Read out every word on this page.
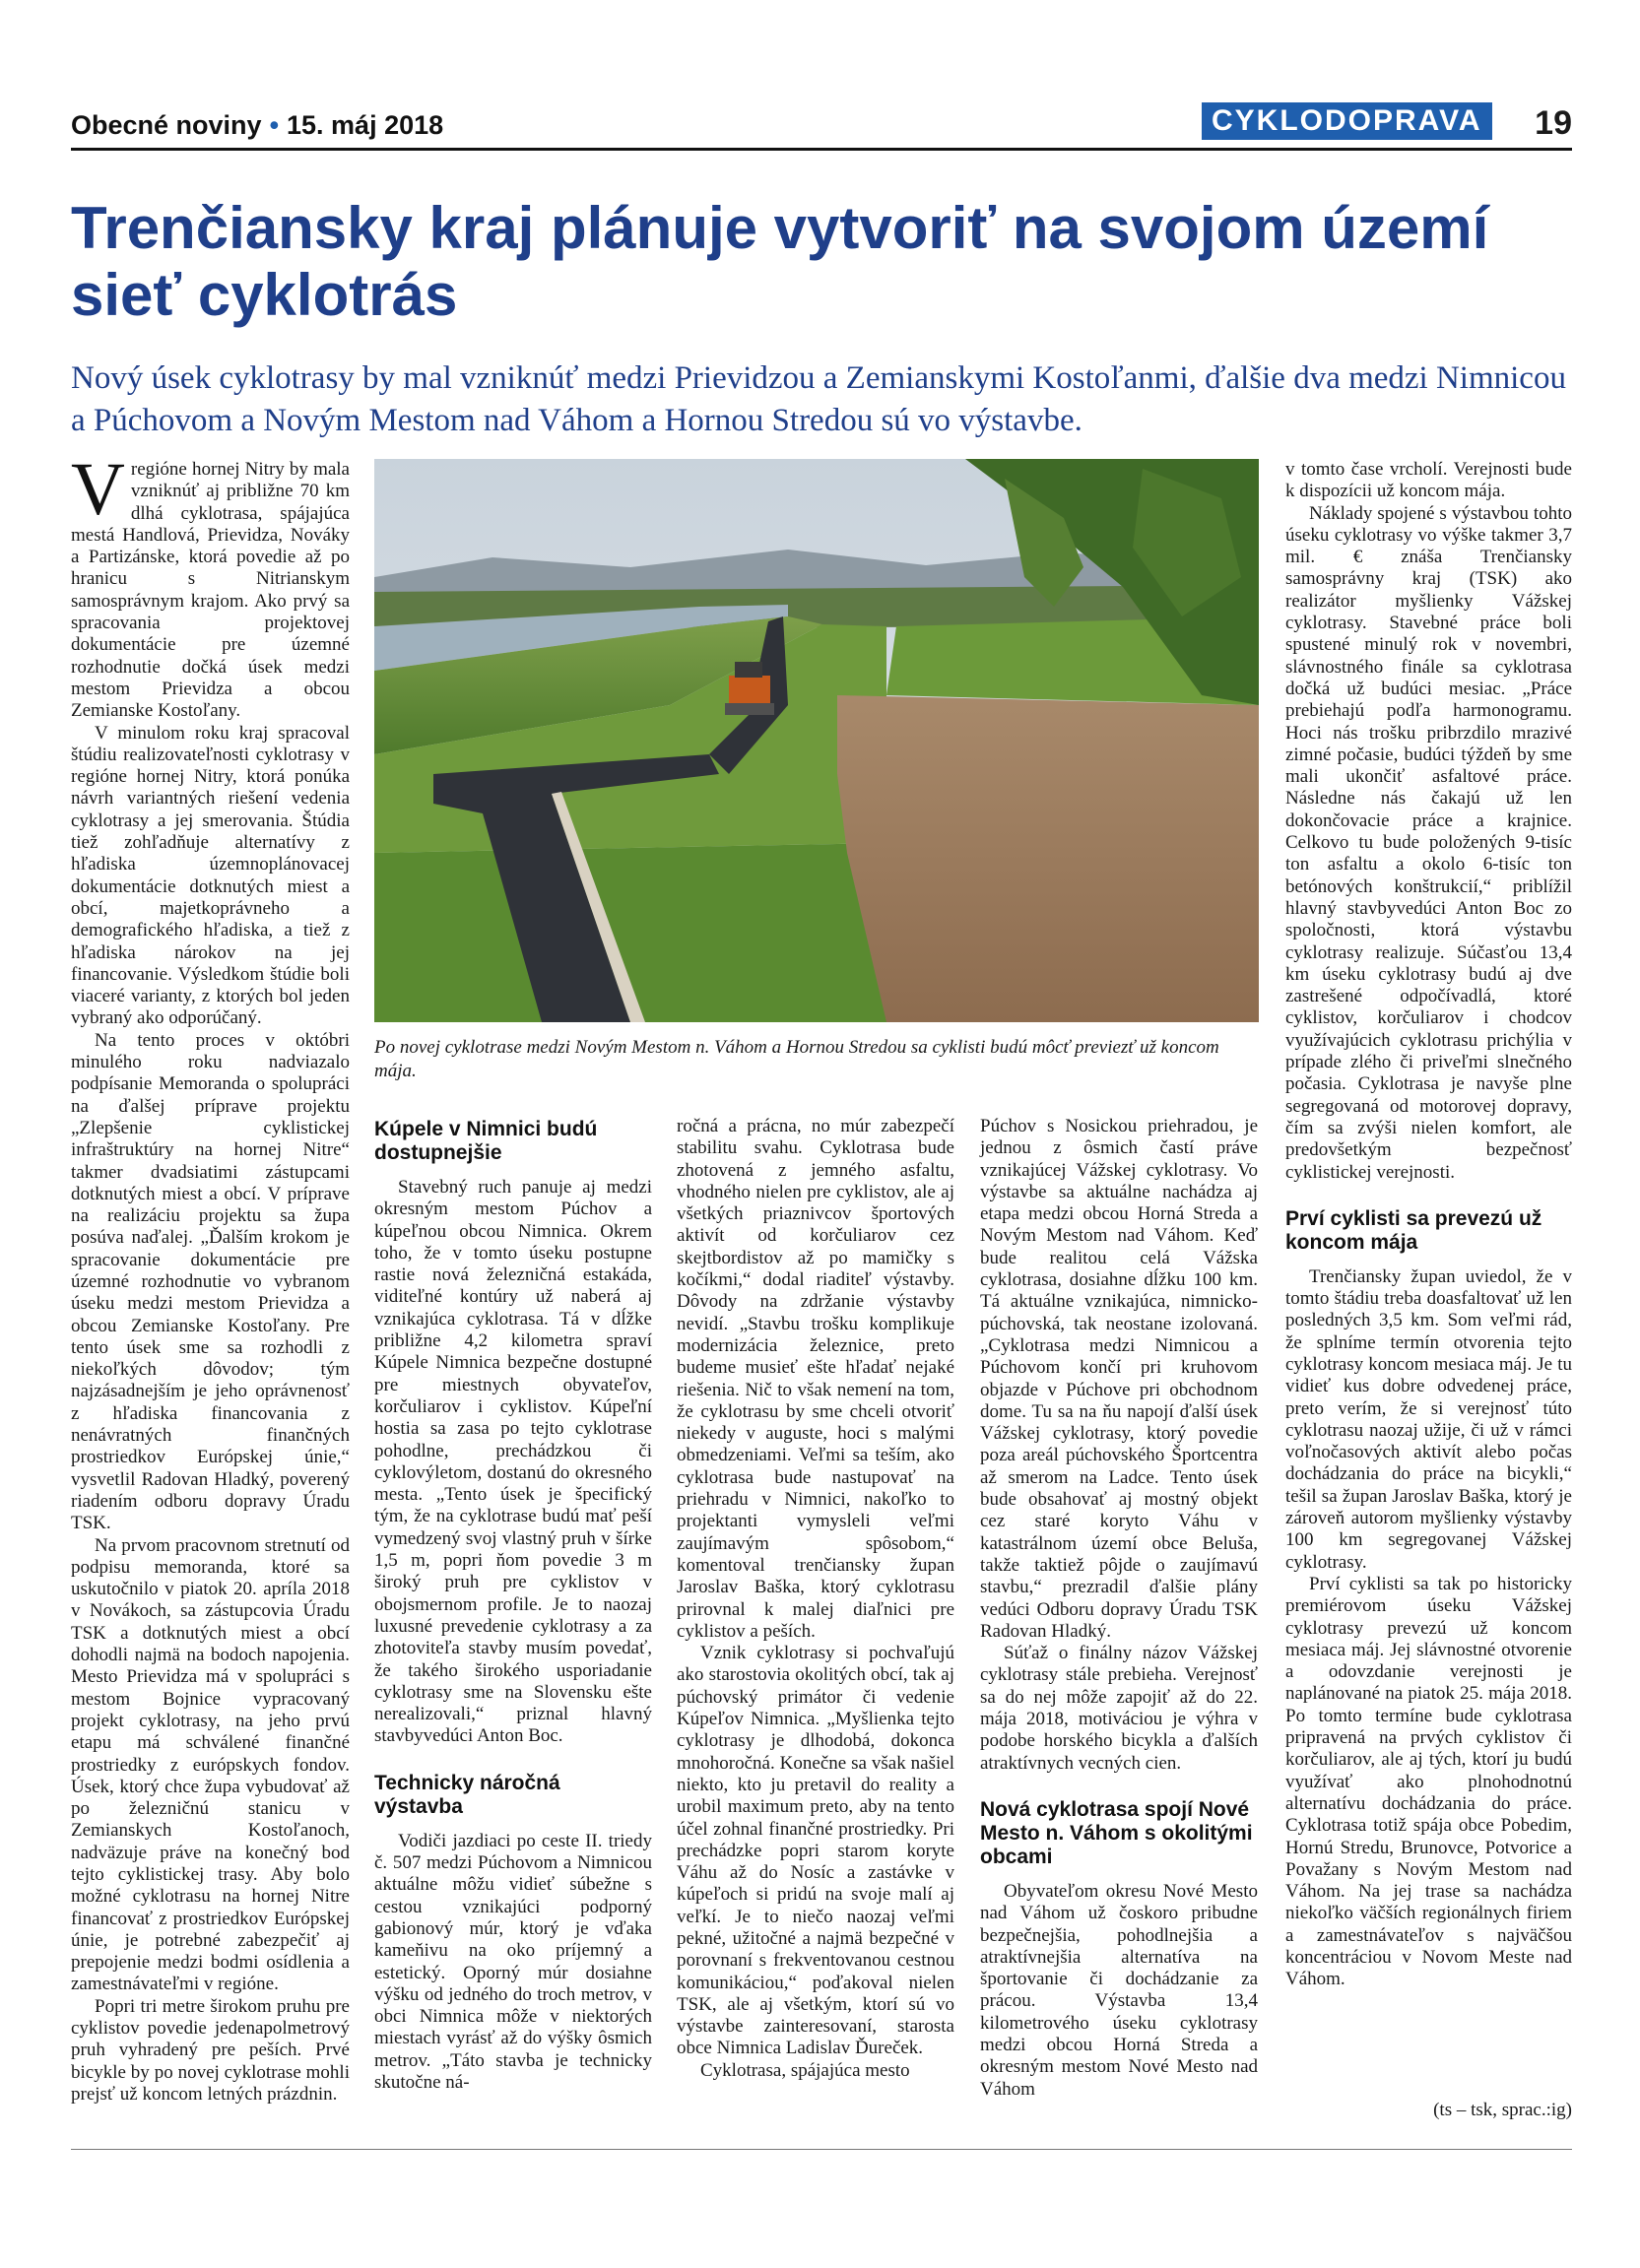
Obecné noviny • 15. máj 2018	CYKLODOPRAVA 19
Trenčiansky kraj plánuje vytvoriť na svojom území sieť cyklotrás
Nový úsek cyklotrasy by mal vzniknúť medzi Prievidzou a Zemianskymi Kostoľanmi, ďalšie dva medzi Nimnicou a Púchovom a Novým Mestom nad Váhom a Hornou Stredou sú vo výstavbe.

Vregióne hornej Nitry by mala vzniknúť aj približne 70 km dlhá cyklotrasa, spájajúca mestá Handlová, Prievidza, Nováky a Partizánske, ktorá povedie až po hranicu s Nitrianskym samosprávnym krajom. Ako prvý sa spracovania projektovej dokumentácie pre územné rozhodnutie dočká úsek medzi mestom Prievidza a obcou Zemianske Kostoľany.

V minulom roku kraj spracoval štúdiu realizovateľnosti cyklotrasy v regióne hornej Nitry, ktorá ponúka návrh variantných riešení vedenia cyklotrasy a jej smerovania. Štúdia tiež zohľadňuje alternatívy z hľadiska územnoplánovacej dokumentácie dotknutých miest a obcí, majetkoprávneho a demografického hľadiska, a tiež z hľadiska nárokov na jej financovanie. Výsledkom štúdie boli viaceré varianty, z ktorých bol jeden vybraný ako odporúčaný.

Na tento proces v októbri minulého roku nadviazalo podpísanie Memoranda o spolupráci na ďalšej príprave projektu „Zlepšenie cyklistickej infraštruktúry na hornej Nitre“ takmer dvadsiatimi zástupcami dotknutých miest a obcí. V príprave na realizáciu projektu sa župa posúva naďalej. „Ďalším krokom je spracovanie dokumentácie pre územné rozhodnutie vo vybranom úseku medzi mestom Prievidza a obcou Zemianske Kostoľany. Pre tento úsek sme sa rozhodli z niekoľkých dôvodov; tým najzásadnejším je jeho oprávnenosť z hľadiska financovania z nenávratných finančných prostriedkov Európskej únie,“ vysvetlil Radovan Hladký, poverený riadením odboru dopravy Úradu TSK.

Na prvom pracovnom stretnutí od podpisu memoranda, ktoré sa uskutočnilo v piatok 20. apríla 2018 v Novákoch, sa zástupcovia Úradu TSK a dotknutých miest a obcí dohodli najmä na bodoch napojenia. Mesto Prievidza má v spolupráci s mestom Bojnice vypracovaný projekt cyklotrasy, na jeho prvú etapu má schválené finančné prostriedky z európskych fondov. Úsek, ktorý chce župa vybudovať až po železničnú stanicu v Zemianskych Kostoľanoch, nadväzuje práve na konečný bod tejto cyklistickej trasy. Aby bolo možné cyklotrasu na hornej Nitre financovať z prostriedkov Európskej únie, je potrebné zabezpečiť aj prepojenie medzi bodmi osídlenia a zamestnávateľmi v regióne.

Popri tri metre širokom pruhu pre cyklistov povedie jedenapolmetrový pruh vyhradený pre peších. Prvé bicykle by po novej cyklotrase mohli prejsť už koncom letných prázdnin.

Po novej cyklotrase medzi Novým Mestom n. Váhom a Hornou Stredou sa cyklisti budú môcť previezť už koncom mája.
Kúpele v Nimnici budú dostupnejšie

Stavebný ruch panuje aj medzi okresným mestom Púchov a kúpeľnou obcou Nimnica. Okrem toho, že v tomto úseku postupne rastie nová železničná estakáda, viditeľné kontúry už naberá aj vznikajúca cyklotrasa. Tá v dĺžke približne 4,2 kilometra spraví Kúpele Nimnica bezpečne dostupné pre miestnych obyvateľov, korčuliarov i cyklistov. Kúpeľní hostia sa zasa po tejto cyklotrase pohodlne, prechádzkou či cyklovýletom, dostanú do okresného mesta. „Tento úsek je špecifický tým, že na cyklotrase budú mať peší vymedzený svoj vlastný pruh v šírke 1,5 m, popri ňom povedie 3 m široký pruh pre cyklistov v obojsmernom profile. Je to naozaj luxusné prevedenie cyklotrasy a za zhotoviteľa stavby musím povedať, že takého širokého usporiadanie cyklotrasy sme na Slovensku ešte nerealizovali,“ priznal hlavný stavbyvedúci Anton Boc.

Technicky náročná výstavba

Vodiči jazdiaci po ceste II. triedy č. 507 medzi Púchovom a Nimnicou aktuálne môžu vidieť súbežne s cestou vznikajúci podporný gabionový múr, ktorý je vďaka kameňivu na oko príjemný a estetický. Oporný múr dosiahne výšku od jedného do troch metrov, v obci Nimnica môže v niektorých miestach vyrásť až do výšky ôsmich metrov. „Táto stavba je technicky skutočne ná-

ročná a prácna, no múr zabezpečí stabilitu svahu. Cyklotrasa bude zhotovená z jemného asfaltu, vhodného nielen pre cyklistov, ale aj všetkých priaznivcov športových aktivít od korčuliarov cez skejtbordistov až po mamičky s kočíkmi,“ dodal riaditeľ výstavby. Dôvody na zdržanie výstavby nevidí. „Stavbu trošku komplikuje modernizácia železnice, preto budeme musieť ešte hľadať nejaké riešenia. Nič to však nemení na tom, že cyklotrasu by sme chceli otvoriť niekedy v auguste, hoci s malými obmedzeniami. Veľmi sa teším, ako cyklotrasa bude nastupovať na priehradu v Nimnici, nakoľko to projektanti vymysleli veľmi zaujímavým spôsobom,“ komentoval trenčiansky župan Jaroslav Baška, ktorý cyklotrasu prirovnal k malej diaľnici pre cyklistov a peších.

Vznik cyklotrasy si pochvaľujú ako starostovia okolitých obcí, tak aj púchovský primátor či vedenie Kúpeľov Nimnica. „Myšlienka tejto cyklotrasy je dlhodobá, dokonca mnohoročná. Konečne sa však našiel niekto, kto ju pretavil do reality a urobil maximum preto, aby na tento účel zohnal finančné prostriedky. Pri prechádzke popri starom korytе Váhu až do Nosíc a zastávke v kúpeľoch si pridú na svoje malí aj veľkí. Je to niečo naozaj veľmi pekné, užitočné a najmä bezpečné v porovnaní s frekventovanou cestnou komunikáciou,“ poďakoval nielen TSK, ale aj všetkým, ktorí sú vo výstavbe zainteresovaní, starosta obce Nimnica Ladislav Ďureček.

Cyklotrasa, spájajúca mesto

Púchov s Nosickou priehradou, je jednou z ôsmich častí práve vznikajúcej Vážskej cyklotrasy. Vo výstavbe sa aktuálne nachádza aj etapa medzi obcou Horná Streda a Novým Mestom nad Váhom. Keď bude realitou celá Vážska cyklotrasa, dosiahne dĺžku 100 km. Tá aktuálne vznikajúca, nimnicko-púchovská, tak neostane izolovaná. „Cyklotrasa medzi Nimnicou a Púchovom končí pri kruhovom objazde v Púchove pri obchodnom dome. Tu sa na ňu napojí ďalší úsek Vážskej cyklotrasy, ktorý povedie poza areál púchovského Športcentra až smerom na Ladce. Tento úsek bude obsahovať aj mostný objekt cez staré koryto Váhu v katastrálnom území obce Beluša, takže taktiež pôjde o zaujímavú stavbu,“ prezradil ďalšie plány vedúci Odboru dopravy Úradu TSK Radovan Hladký.

Súťaž o finálny názov Vážskej cyklotrasy stále prebieha. Verejnosť sa do nej môže zapojiť až do 22. mája 2018, motiváciou je výhra v podobe horského bicykla a ďalších atraktívnych vecných cien.

Nová cyklotrasa spojí Nové Mesto n. Váhom s okolitými obcami

Obyvateľom okresu Nové Mesto nad Váhom už čoskoro pribudne bezpečnejšia, pohodlnejšia a atraktívnejšia alternatíva na športovanie či dochádzanie za prácou. Výstavba 13,4 kilometrového úseku cyklotrasy medzi obcou Horná Streda a okresným mestom Nové Mesto nad Váhom

v tomto čase vrcholí. Verejnosti bude k dispozícii už koncom mája.

Náklady spojené s výstavbou tohto úseku cyklotrasy vo výške takmer 3,7 mil. € znáša Trenčiansky samosprávny kraj (TSK) ako realizátor myšlienky Vážskej cyklotrasy. Stavebné práce boli spustené minulý rok v novembri, slávnostného finále sa cyklotrasa dočká už budúci mesiac. „Práce prebiehajú podľa harmonogramu. Hoci nás trošku pribrzdilo mrazivé zimné počasie, budúci týždeň by sme mali ukončiť asfaltové práce. Následne nás čakajú už len dokončovacie práce a krajnice. Celkovo tu bude položených 9-tisíc ton asfaltu a okolo 6-tisíc ton betónových konštrukcií,“ priblížil hlavný stavbyvedúci Anton Boc zo spoločnosti, ktorá výstavbu cyklotrasy realizuje. Súčasťou 13,4 km úseku cyklotrasy budú aj dve zastrešené odpočívadlá, ktoré cyklistov, korčuliarov i chodcov využívajúcich cyklotrasu prichýlia v prípade zlého či priveľmi slnečného počasia. Cyklotrasa je navyše plne segregovaná od motorovej dopravy, čím sa zvýši nielen komfort, ale predovšetkým bezpečnosť cyklistickej verejnosti.

Prví cyklisti sa prevezú už koncom mája

Trenčiansky župan uviedol, že v tomto štádiu treba doasfaltovať už len posledných 3,5 km. Som veľmi rád, že splníme termín otvorenia tejto cyklotrasy koncom mesiaca máj. Je tu vidieť kus dobre odvedenej práce, preto verím, že si verejnosť túto cyklotrasu naozaj užije, či už v rámci voľnočasových aktivít alebo počas dochádzania do práce na bicykli,“ tešil sa župan Jaroslav Baška, ktorý je zároveň autorom myšlienky výstavby 100 km segregovanej Vážskej cyklotrasy.

Prví cyklisti sa tak po historicky premiérovom úseku Vážskej cyklotrasy prevezú už koncom mesiaca máj. Jej slávnostné otvorenie a odovzdanie verejnosti je naplánované na piatok 25. mája 2018. Po tomto termíne bude cyklotrasa pripravená na prvých cyklistov či korčuliarov, ale aj tých, ktorí ju budú využívať ako plnohodnotnú alternatívu dochádzania do práce. Cyklotrasa totiž spája obce Pobedim, Hornú Stredu, Brunovce, Potvorice a Považany s Novým Mestom nad Váhom. Na jej trase sa nachádza niekoľko väčších regionálnych firiem a zamestnávateľov s najväčšou koncentráciou v Novom Meste nad Váhom.

(ts – tsk, sprac.:ig)
